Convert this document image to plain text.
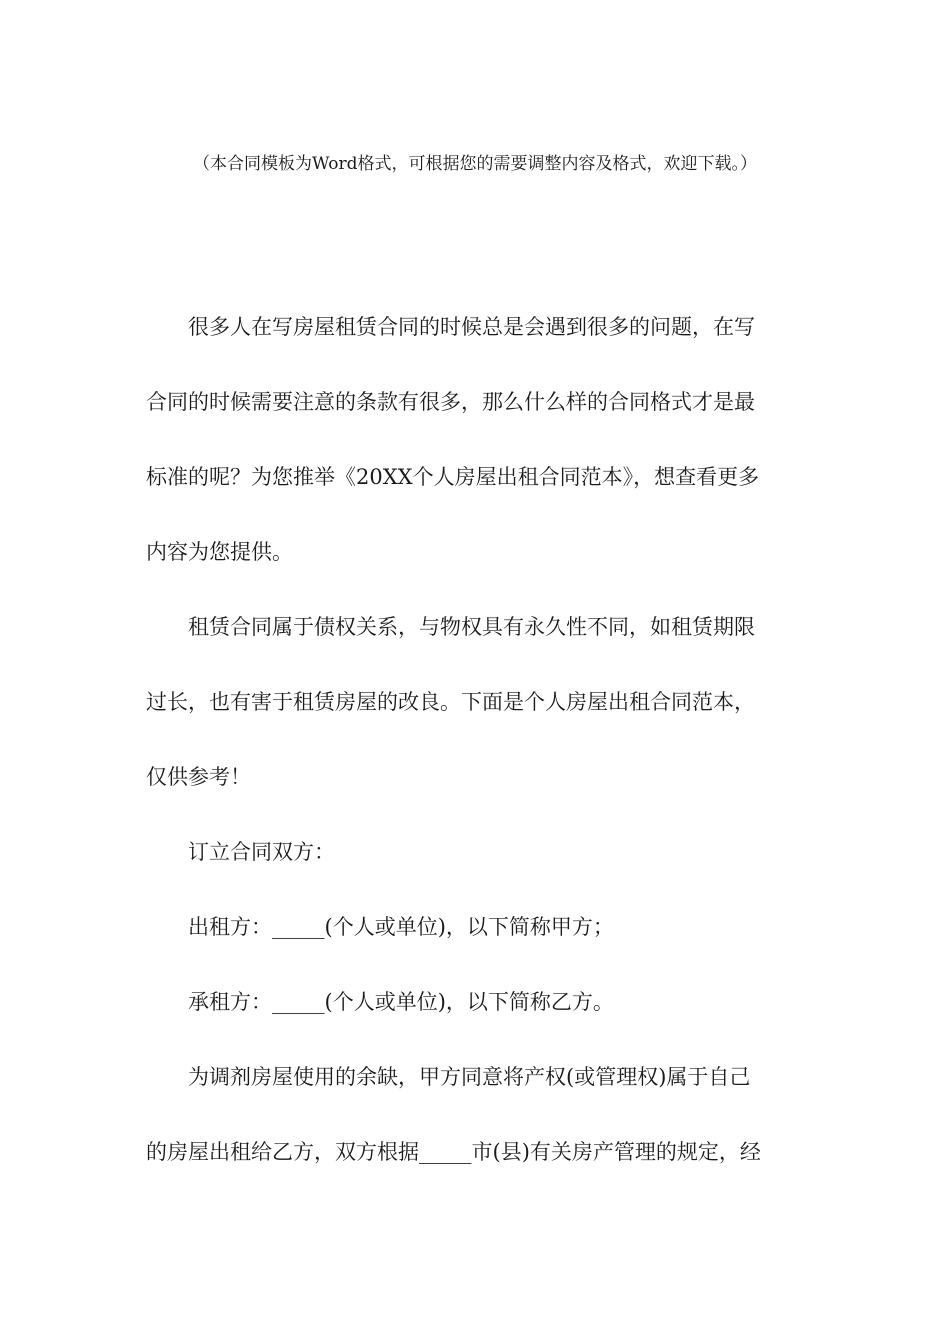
（本合同模板为Word格式，可根据您的需要调整内容及格式，欢迎下载。）

很多人在写房屋租赁合同的时候总是会遇到很多的问题，在写
合同的时候需要注意的条款有很多，那么什么样的合同格式才是最
标准的呢？为您推举《20XX个人房屋出租合同范本》，想查看更多
内容为您提供。

租赁合同属于债权关系，与物权具有永久性不同，如租赁期限
过长，也有害于租赁房屋的改良。下面是个人房屋出租合同范本，
仅供参考！

订立合同双方：

出租方：_____(个人或单位)，以下简称甲方；

承租方：_____(个人或单位)，以下简称乙方。

为调剂房屋使用的余缺，甲方同意将产权(或管理权)属于自己
的房屋出租给乙方，双方根据_____市(县)有关房产管理的规定，经
